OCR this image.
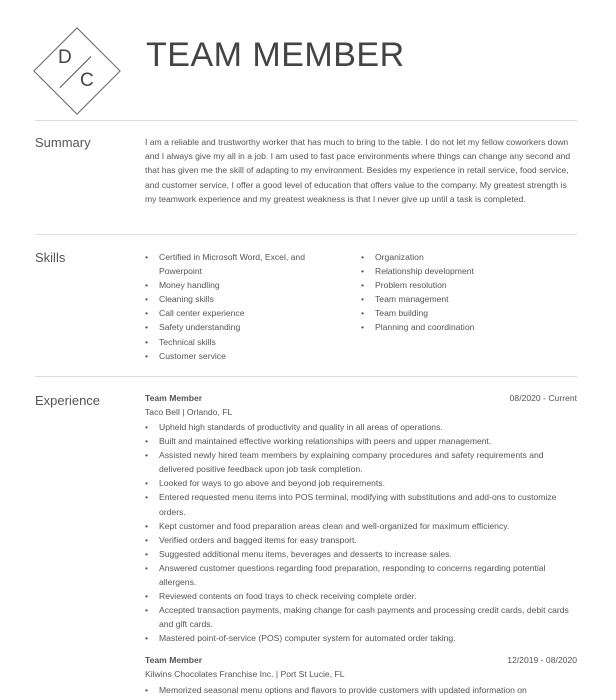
D
C
TEAM MEMBER
Summary	I am a reliable and trustworthy worker that has much to bring to the table. I do not let my fellow coworkers down and I always give my all in a job. I am used to fast pace environments where things can change any second and that has given me the skill of adapting to my environment. Besides my experience in retail service, food service, and customer service, I offer a good level of education that offers value to the company. My greatest strength is my teamwork experience and my greatest weakness is that I never give up until a task is completed.
Skills	• Certified in Microsoft Word, Excel, and Powerpoint
• Money handling
• Cleaning skills
• Call center experience
• Safety understanding
• Technical skills
• Customer service
• Organization
• Relationship development
• Problem resolution
• Team management
• Team building
• Planning and coordination
Experience	Team Member	08/2020 - Current
Taco Bell | Orlando, FL
• Upheld high standards of productivity and quality in all areas of operations.
• Built and maintained effective working relationships with peers and upper management.
• Assisted newly hired team members by explaining company procedures and safety requirements and delivered positive feedback upon job task completion.
• Looked for ways to go above and beyond job requirements.
• Entered requested menu items into POS terminal, modifying with substitutions and add-ons to customize orders.
• Kept customer and food preparation areas clean and well-organized for maximum efficiency.
• Verified orders and bagged items for easy transport.
• Suggested additional menu items, beverages and desserts to increase sales.
• Answered customer questions regarding food preparation, responding to concerns regarding potential allergens.
• Reviewed contents on food trays to check receiving complete order.
• Accepted transaction payments, making change for cash payments and processing credit cards, debit cards and gift cards.
• Mastered point-of-service (POS) computer system for automated order taking.
Team Member	12/2019 - 08/2020
Kilwins Chocolates Franchise Inc. | Port St Lucie, FL
• Memorized seasonal menu options and flavors to provide customers with updated information on
